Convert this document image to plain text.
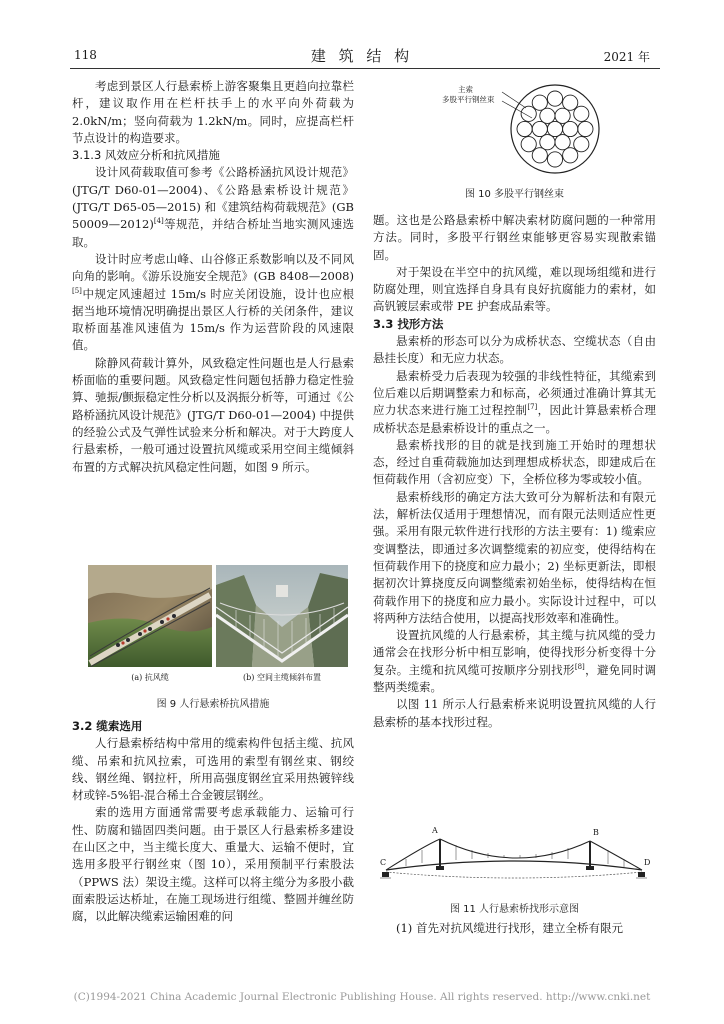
118	建 筑 结 构	2021 年

考虑到景区人行悬索桥上游客聚集且更趋向拉靠栏杆，建议取作用在栏杆扶手上的水平向外荷载为 2.0kN/m；竖向荷载为 1.2kN/m。同时，应提高栏杆节点设计的构造要求。

3.1.3 风效应分析和抗风措施

设计风荷载取值可参考《公路桥涵抗风设计规范》(JTG/T D60-01—2004)、《公路悬索桥设计规范》(JTG/T D65-05—2015) 和《建筑结构荷载规范》(GB 50009—2012)[4]等规范，并结合桥址当地实测风速选取。

设计时应考虑山峰、山谷修正系数影响以及不同风向角的影响。《游乐设施安全规范》(GB 8408—2008)[5]中规定风速超过 15m/s 时应关闭设施，设计也应根据当地环境情况明确提出景区人行桥的关闭条件，建议取桥面基准风速值为 15m/s 作为运营阶段的风速限值。

除静风荷载计算外，风致稳定性问题也是人行悬索桥面临的重要问题。风致稳定性问题包括静力稳定性验算、驰振/颤振稳定性分析以及涡振分析等，可通过《公路桥涵抗风设计规范》(JTG/T D60-01—2004) 中提供的经验公式及气弹性试验来分析和解决。对于大跨度人行悬索桥，一般可通过设置抗风缆或采用空间主缆倾斜布置的方式解决抗风稳定性问题，如图 9 所示。

(a) 抗风缆	(b) 空间主缆倾斜布置
图 9 人行悬索桥抗风措施
3.2 缆索选用

人行悬索桥结构中常用的缆索构件包括主缆、抗风缆、吊索和抗风拉索，可选用的索型有钢丝束、钢绞线、钢丝绳、钢拉杆，所用高强度钢丝宜采用热镀锌线材或锌-5%铝-混合稀土合金镀层钢丝。

索的选用方面通常需要考虑承载能力、运输可行性、防腐和锚固四类问题。由于景区人行悬索桥多建设在山区之中，当主缆长度大、重量大、运输不便时，宜选用多股平行钢丝束（图 10），采用预制平行索股法（PPWS 法）架设主缆。这样可以将主缆分为多股小截面索股运达桥址，在施工现场进行组缆、整圆并缠丝防腐，以此解决缆索运输困难的问

主索
多股平行钢丝束
图 10 多股平行钢丝束

题。这也是公路悬索桥中解决索材防腐问题的一种常用方法。同时，多股平行钢丝束能够更容易实现散索锚固。

对于架设在半空中的抗风缆，难以现场组缆和进行防腐处理，则宜选择自身具有良好抗腐能力的索材，如高钒镀层索或带 PE 护套成品索等。

3.3 找形方法

悬索桥的形态可以分为成桥状态、空缆状态（自由悬挂长度）和无应力状态。

悬索桥受力后表现为较强的非线性特征，其缆索到位后难以后期调整索力和标高，必须通过准确计算其无应力状态来进行施工过程控制[7]，因此计算悬索桥合理成桥状态是悬索桥设计的重点之一。

悬索桥找形的目的就是找到施工开始时的理想状态，经过自重荷载施加达到理想成桥状态，即建成后在恒荷载作用（含初应变）下，全桥位移为零或较小值。

悬索桥线形的确定方法大致可分为解析法和有限元法，解析法仅适用于理想情况，而有限元法则适应性更强。采用有限元软件进行找形的方法主要有：1) 缆索应变调整法，即通过多次调整缆索的初应变，使得结构在恒荷载作用下的挠度和应力最小；2) 坐标更新法，即根据初次计算挠度反向调整缆索初始坐标，使得结构在恒荷载作用下的挠度和应力最小。实际设计过程中，可以将两种方法结合使用，以提高找形效率和准确性。

设置抗风缆的人行悬索桥，其主缆与抗风缆的受力通常会在找形分析中相互影响，使得找形分析变得十分复杂。主缆和抗风缆可按顺序分别找形[8]，避免同时调整两类缆索。

以图 11 所示人行悬索桥来说明设置抗风缆的人行悬索桥的基本找形过程。

A	B
C	D
图 11 人行悬索桥找形示意图

(1) 首先对抗风缆进行找形，建立全桥有限元

(C)1994-2021 China Academic Journal Electronic Publishing House. All rights reserved. http://www.cnki.net
